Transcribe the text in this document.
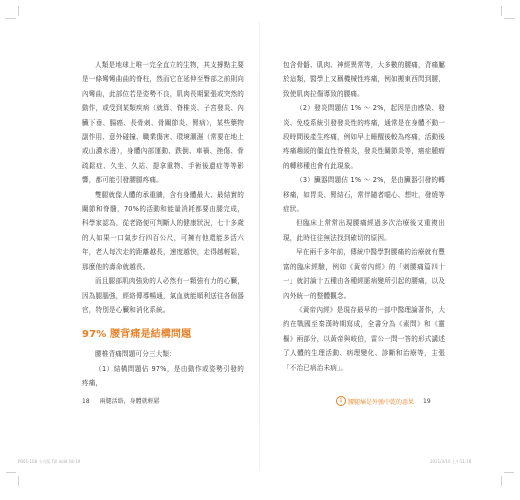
人類是地球上唯一完全直立的生物，其支撐點主要是一條彎彎曲曲的脊柱，然而它在延伸至臀部之前則向內彎曲，此部位若是姿勢不良，肌肉長期緊張或突然的動作，或受到某類疾病（就算、脊椎炎、子宮發炎、內臟下垂、腸癌、長骨刺、骨關節炎、腎病），某些藥物副作用、意外碰撞、職業傷害、環境潮濕（常要在地上或山濃水邊），身體內部運動、跌倒、車禍、挫傷、骨疏鬆症、久坐、久站、提拿重物、手術後遺症等等影響，都可能引發腰腿疼痛。

雙腿就像人體的承重牆，含有身體最大、最結實的關節和脊髓，70%的活動和能量消耗都要由腿完成，科學家認為，從老路便可判斷人的健康狀況，七十多歲的人如果一口氣步行四百公尺，可擁有他還能多活六年，老人每次走的距離越長，速度越快，走得越輕鬆，那麼他的壽命就越長。

而且腿部肌肉強勁的人必然有一顆強有力的心臟，因為腿腦強，經絡傳導暢通，氣血就能順利送往各個器官，特別是心臟和消化系統。

97% 腰背痛是結構問題

腰椎背痛問題可分三大類：

（1）結構問題佔 97%，是由動作或姿勢引發的疼痛，

包含骨骼、肌肉、神經異常等，大多數的腰痛，背痛屬於這類，醫學上又稱機械性疼痛，例如搬東西閃到腰，致使肌肉拉傷導致的腰痛。

（2）發炎問題佔 1% ～ 2%，起因是由感染、發炎、免疫系統引發發炎性的疼痛，通常是在身體不動一段時間後產生疼痛，例如早上睡醒後較為疼痛，活動後疼痛趨緩的僵直性脊椎炎，發炎性關節炎等，癌症腫瘤的轉移種也會有此現象。

（3）臟器問題佔 1% ～ 2%，是由臟器引發的轉移痛，如胃炎、腎結石，常伴隨者噁心、想吐，發燒等症狀。

但臨床上常常出現腰痛經過多次治療後又重複出現，此時往往無法找到確切的原因。

早在兩千多年前，傳統中醫學對腰痛的治療就有豐富的臨床經驗，例如《黃帝內經》的「刺腰痛篇四十一」就討論十五種由各種經脈病變所引起的腰痛，以及內外統一的整體觀念。

《黃帝內經》是現存最早的一部中醫理論著作，大約在戰國至秦漢時期寫成，全書分為《素問》和《靈樞》兩部分，以黃帝與岐伯，雷公一問一答的形式講述了人體的生理活動、病理變化、診斷和治療等，主張「不治已病治未病」。

18 兩腿活絡，身體就輕鬆	1 腰腿痛是外強中乾的惡果 19
P001-108 今五版.Till.indd 18-19	2021/3/10 上午11:18
